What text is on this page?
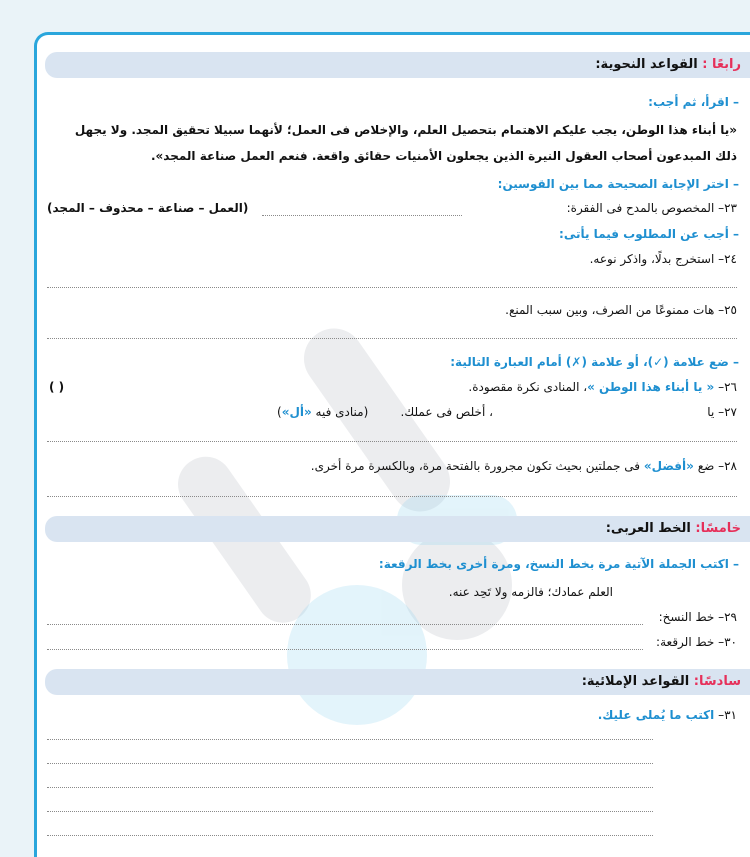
رابعًا : القواعد النحوية:
– اقرأ، ثم أجب:
«يا أبناء هذا الوطن، يجب عليكم الاهتمام بتحصيل العلم، والإخلاص فى العمل؛ لأنهما سبيلا تحقيق المجد. ولا يجهل
ذلك المبدعون أصحاب العقول النيرة الذين يجعلون الأمنيات حقائق واقعة. فنعم العمل صناعة المجد».
– اختر الإجابة الصحيحة مما بين القوسين:
٢٣– المخصوص بالمدح فى الفقرة:
(العمل – صناعة – محذوف – المجد)
– أجب عن المطلوب فيما يأتى:
٢٤– استخرج بدلًا، واذكر نوعه.
٢٥– هات ممنوعًا من الصرف، وبين سبب المنع.
– ضع علامة (✓)، أو علامة (✗) أمام العبارة التالية:
٢٦– « يا أبناء هذا الوطن »، المنادى نكرة مقصودة.
( )
٢٧– يا
، أخلص فى عملك.
(منادى فيه «أل»)
٢٨– ضع «أفضل» فى جملتين بحيث تكون مجرورة بالفتحة مرة، وبالكسرة مرة أخرى.
خامسًا: الخط العربى:
– اكتب الجملة الآتية مرة بخط النسخ، ومرة أخرى بخط الرقعة:
العلم عمادك؛ فالزمه ولا تَحِد عنه.
٢٩– خط النسخ:
٣٠– خط الرقعة:
سادسًا: القواعد الإملائية:
٣١– اكتب ما يُملى عليك.
